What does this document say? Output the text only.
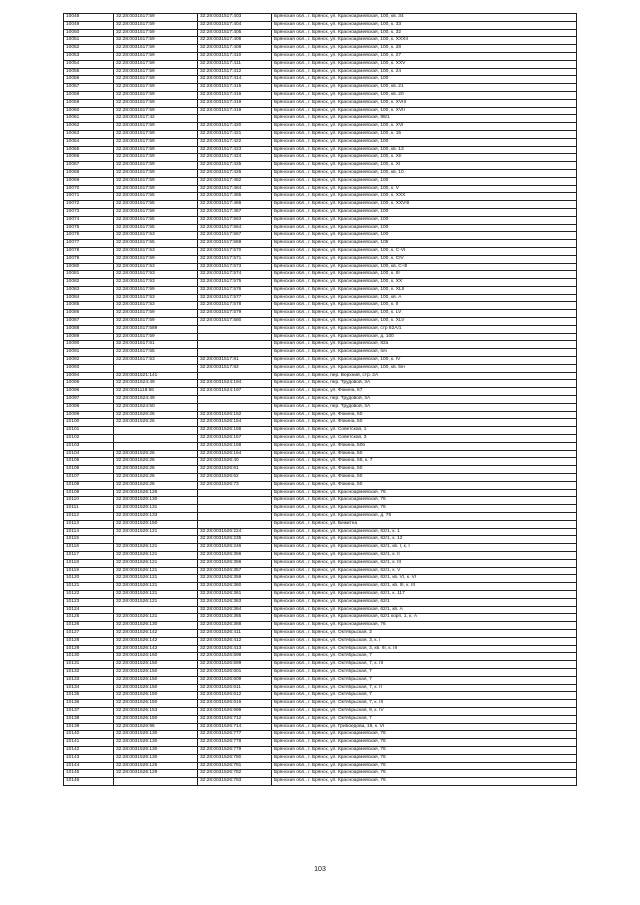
10048	32:28:0031517:59	32:28:0031517:403	Брянская обл., г. Брянск, ул. Красноармейская, 100, кв. 34
10049	32:28:0031517:59	32:28:0031517:404	Брянская обл., г. Брянск, ул. Красноармейская, 100, к. 33
10050	32:28:0031517:59	32:28:0031517:405	Брянская обл., г. Брянск, ул. Красноармейская, 100, к. 32
10051	32:28:0031517:59	32:28:0031517:406	Брянская обл., г. Брянск, ул. Красноармейская, 100, к. XXXII
10052	32:28:0031517:59	32:28:0031517:408	Брянская обл., г. Брянск, ул. Красноармейская, 100, к. 28
10053	32:28:0031517:59	32:28:0031517:410	Брянская обл., г. Брянск, ул. Красноармейская, 100, к. 27
10054	32:28:0031517:59	32:28:0031517:411	Брянская обл., г. Брянск, ул. Красноармейская, 100, к. XXV
10055	32:28:0031517:59	32:28:0031517:412	Брянская обл., г. Брянск, ул. Красноармейская, 100, к. 24
10056	32:28:0031517:59	32:28:0031517:414	Брянская обл., г. Брянск, ул. Красноармейская, 100
10057	32:28:0031517:59	32:28:0031517:415	Брянская обл., г. Брянск, ул. Красноармейская, 100, кв. 21
10058	32:28:0031517:59	32:28:0031517:416	Брянская обл., г. Брянск, ул. Красноармейская, 100, кв. 20
10059	32:28:0031517:59	32:28:0031517:419	Брянская обл., г. Брянск, ул. Красноармейская, 100, к. XVIII
10060	32:28:0031517:59	32:28:0031517:419	Брянская обл., г. Брянск, ул. Красноармейская, 100, к. XVII
10061	32:28:0031517:42		Брянская обл., г. Брянск, ул. Красноармейская, 98/1
10062	32:28:0031517:59	32:28:0031517:420	Брянская обл., г. Брянск, ул. Красноармейская, 100, к. XVI
10063	32:28:0031517:59	32:28:0031517:421	Брянская обл., г. Брянск, ул. Красноармейская, 100, к. 15
10064	32:28:0031517:59	32:28:0031517:422	Брянская обл., г. Брянск, ул. Красноармейская, 100
10065	32:28:0031517:59	32:28:0031517:423	Брянская обл., г. Брянск, ул. Красноармейская, 100, кв. 13
10066	32:28:0031517:59	32:28:0031517:424	Брянская обл., г. Брянск, ул. Красноармейская, 100, к. XII
10067	32:28:0031517:59	32:28:0031517:425	Брянская обл., г. Брянск, ул. Красноармейская, 100, к. XI
10068	32:28:0031517:59	32:28:0031517:426	Брянская обл., г. Брянск, ул. Красноармейская, 100, кв. 10
10069	32:28:0031517:59	32:28:0031517:462	Брянская обл., г. Брянск, ул. Красноармейская, 100
10070	32:28:0031517:59	32:28:0031517:464	Брянская обл., г. Брянск, ул. Красноармейская, 100, к. V
10071	32:28:0031517:55	32:28:0031517:465	Брянская обл., г. Брянск, ул. Красноармейская, 100, к. XXX
10072	32:28:0031517:55	32:28:0031517:466	Брянская обл., г. Брянск, ул. Красноармейская, 100, к. XXVIII
10073	32:28:0031517:59	32:28:0031517:467	Брянская обл., г. Брянск, ул. Красноармейская, 100
10074	32:28:0031517:55	32:28:0031517:563	Брянская обл., г. Брянск, ул. Красноармейская, 100
10075	32:28:0031517:55	32:28:0031517:564	Брянская обл., г. Брянск, ул. Красноармейская, 100
10076	32:28:0031517:53	32:28:0031517:567	Брянская обл., г. Брянск, ул. Красноармейская, 100
10077	32:28:0031517:55	32:28:0031517:569	Брянская обл., г. Брянск, ул. Красноармейская, 105
10078	32:28:0031517:53	32:28:0031517:570	Брянская обл., г. Брянск, ул. Красноармейская, 100, к. C-VI
10079	32:28:0031517:59	32:28:0031517:571	Брянская обл., г. Брянск, ул. Красноармейская, 100, к. CIV
10080	32:28:0031517:53	32:28:0031517:573	Брянская обл., г. Брянск, ул. Красноармейская, 100, кв. C-III
10081	32:28:0031517:53	32:28:0031517:574	Брянская обл., г. Брянск, ул. Красноармейская, 100, к. III
10082	32:28:0031517:53	32:28:0031517:575	Брянская обл., г. Брянск, ул. Красноармейская, 100, к. XX
10083	32:28:0031517:59	32:28:0031517:576	Брянская обл., г. Брянск, ул. Красноармейская, 100, к. XLII
10084	32:28:0031517:53	32:28:0031517:577	Брянская обл., г. Брянск, ул. Красноармейская, 100, кв. А
10085	32:28:0031517:53	32:28:0031517:578	Брянская обл., г. Брянск, ул. Красноармейская, 100, к. II
10086	32:28:0031517:59	32:28:0031517:579	Брянская обл., г. Брянск, ул. Красноармейская, 100, к. LV
10087	32:28:0031517:59	32:28:0031517:580	Брянская обл., г. Брянск, ул. Красноармейская, 100, к. XLV
10088	32:28:0031517:589		Брянская обл., г. Брянск, ул. Красноармейская, стр 82А/1
10089	32:28:0031517:59		Брянская обл., г. Брянск, ул. Красноармейская, д. 100
10090	32:28:0031517:61		Брянская обл., г. Брянск, ул. Красноармейская, 82а
10091	32:28:0031517:65		Брянская обл., г. Брянск, ул. Красноармейская, б/н
10092	32:28:0031517:53	32:28:0031517:81	Брянская обл., г. Брянск, ул. Красноармейская, 100, к. IV
10093		32:28:0031517:82	Брянская обл., г. Брянск, ул. Красноармейская, 100, кв. 5/н
10094	32:28:0031521:141		Брянская обл., г. Брянск, пер. Верхний, стр. 2А
10095	32:28:0031524:49	32:28:0031524:194	Брянская обл., г. Брянск, пер. Трудовой, 3А
10096	32:28:0031118:56	32:28:0031524:197	Брянская обл., г. Брянск, ул. Фокина, 67
10097	32:28:0031524:49		Брянская обл., г. Брянск, пер. Трудовой, 3А
10098	32:28:0031524:50		Брянская обл., г. Брянск, пер. Трудовой, 3А
10099	32:28:0031526:26	32:28:0031526:152	Брянская обл., г. Брянск, ул. Фокина, 50
10100	32:28:0031526:26	32:28:0031526:154	Брянская обл., г. Брянск, ул. Фокина, 50
10101		32:28:0031526:156	Брянская обл., г. Брянск, ул. Советская, 1
10102		32:28:0031526:157	Брянская обл., г. Брянск, ул. Советская, 3
10103		32:28:0031526:158	Брянская обл., г. Брянск, ул. Фокина, 50б
10104	32:28:0031526:26	32:28:0031526:164	Брянская обл., г. Брянск, ул. Фокина, 50
10105	32:28:0031526:26	32:28:0031526:40	Брянская обл., г. Брянск, ул. Фокина, 55, к. 7
10106	32:28:0031526:26	32:28:0031526:61	Брянская обл., г. Брянск, ул. Фокина, 50
10107	32:28:0031526:26	32:28:0031526:62	Брянская обл., г. Брянск, ул. Фокина, 50
10108	32:28:0031526:26	32:28:0031526:73	Брянская обл., г. Брянск, ул. Фокина, 50
10109	32:28:0031526:126		Брянская обл., г. Брянск, ул. Красноармейская, 76
10110	32:28:0031526:130		Брянская обл., г. Брянск, ул. Красноармейская, 76
10111	32:28:0031526:131		Брянская обл., г. Брянск, ул. Красноармейская, 76
10112	32:28:0031526:133		Брянская обл., г. Брянск, ул. Красноармейская, д. 76
10113	32:28:0031526:150		Брянская обл., г. Брянск, ул. Бежитна
10114	32:28:0031526:121	32:28:0031526:224	Брянская обл., г. Брянск, ул. Красноармейская, 62/1, к. 1
10115		32:28:0031526:235	Брянская обл., г. Брянск, ул. Красноармейская, 62/1, к. 12
10116	32:28:0031526:121	32:28:0031526:246	Брянская обл., г. Брянск, ул. Красноармейская, 62/1, кв. I, к. I
10117	32:28:0031526:121	32:28:0031526:356	Брянская обл., г. Брянск, ул. Красноармейская, 62/1, к. II
10118	32:28:0031526:121	32:28:0031526:356	Брянская обл., г. Брянск, ул. Красноармейская, 62/1, к. III
10119	32:28:0031526:121	32:28:0031526:357	Брянская обл., г. Брянск, ул. Красноармейская, 62/1, к. V
10120	32:28:0031526:121	32:28:0031526:359	Брянская обл., г. Брянск, ул. Красноармейская, 62/1, кв. VI, к. VI
10121	32:28:0031526:121	32:28:0031526:360	Брянская обл., г. Брянск, ул. Красноармейская, 62/1, кв. III, к. III
10122	32:28:0031526:121	32:28:0031526:361	Брянская обл., г. Брянск, ул. Красноармейская, 62/1, к. 117
10123	32:28:0031526:121	32:28:0031526:363	Брянская обл., г. Брянск, ул. Красноармейская, 62/1
10124		32:28:0031526:364	Брянская обл., г. Брянск, ул. Красноармейская, 62/1, кв. А
10125	32:28:0031526:121	32:28:0031526:365	Брянская обл., г. Брянск, ул. Красноармейская, 62/1 корп. 1, к. А
10126	32:28:0031526:130	32:28:0031526:368	Брянская обл., г. Брянск, ул. Красноармейская, 76
10127	32:28:0031526:142	32:28:0031526:411	Брянская обл., г. Брянск, ул. Октябрьская, 3
10128	32:28:0031526:142	32:28:0031526:412	Брянская обл., г. Брянск, ул. Октябрьская, 3, к. I
10129	32:28:0031526:142	32:28:0031526:413	Брянская обл., г. Брянск, ул. Октябрьская, 3, кв. III, к. III
10130	32:28:0031526:150	32:28:0031526:598	Брянская обл., г. Брянск, ул. Октябрьская, 7
10131	32:28:0031526:150	32:28:0031526:599	Брянская обл., г. Брянск, ул. Октябрьская, 7, к. III
10132	32:28:0031526:150	32:28:0031526:601	Брянская обл., г. Брянск, ул. Октябрьская, 7
10133	32:28:0031526:150	32:28:0031526:609	Брянская обл., г. Брянск, ул. Октябрьская, 7
10134	32:28:0031526:150	32:28:0031526:611	Брянская обл., г. Брянск, ул. Октябрьская, 7, к. II
10135	32:28:0031526:150	32:28:0031526:612	Брянская обл., г. Брянск, ул. Октябрьская, 7
10136	32:28:0031526:150	32:28:0031526:616	Брянская обл., г. Брянск, ул. Октябрьская, 7, к. III
10137	32:28:0031526:153	32:28:0031526:699	Брянская обл., г. Брянск, ул. Октябрьская, 9, к. IV
10138	32:28:0031526:150	32:28:0031526:712	Брянская обл., г. Брянск, ул. Октябрьская, 7
10139	32:28:0031526:96	32:28:0031526:714	Брянская обл., г. Брянск, ул. Грибоедова, 19, к. VI
10140	32:28:0031526:130	32:28:0031526:777	Брянская обл., г. Брянск, ул. Красноармейская, 76
10141	32:28:0031526:130	32:28:0031526:778	Брянская обл., г. Брянск, ул. Красноармейская, 76
10142	32:28:0031526:130	32:28:0031526:779	Брянская обл., г. Брянск, ул. Красноармейская, 76
10143	32:28:0031526:130	32:28:0031526:780	Брянская обл., г. Брянск, ул. Красноармейская, 76
10144	32:28:0031526:125	32:28:0031526:781	Брянская обл., г. Брянск, ул. Красноармейская, 76
10145	32:28:0031526:129	32:28:0031526:782	Брянская обл., г. Брянск, ул. Красноармейская, 76
10146		32:28:0031526:783	Брянская обл., г. Брянск, ул. Красноармейская, 76
103
